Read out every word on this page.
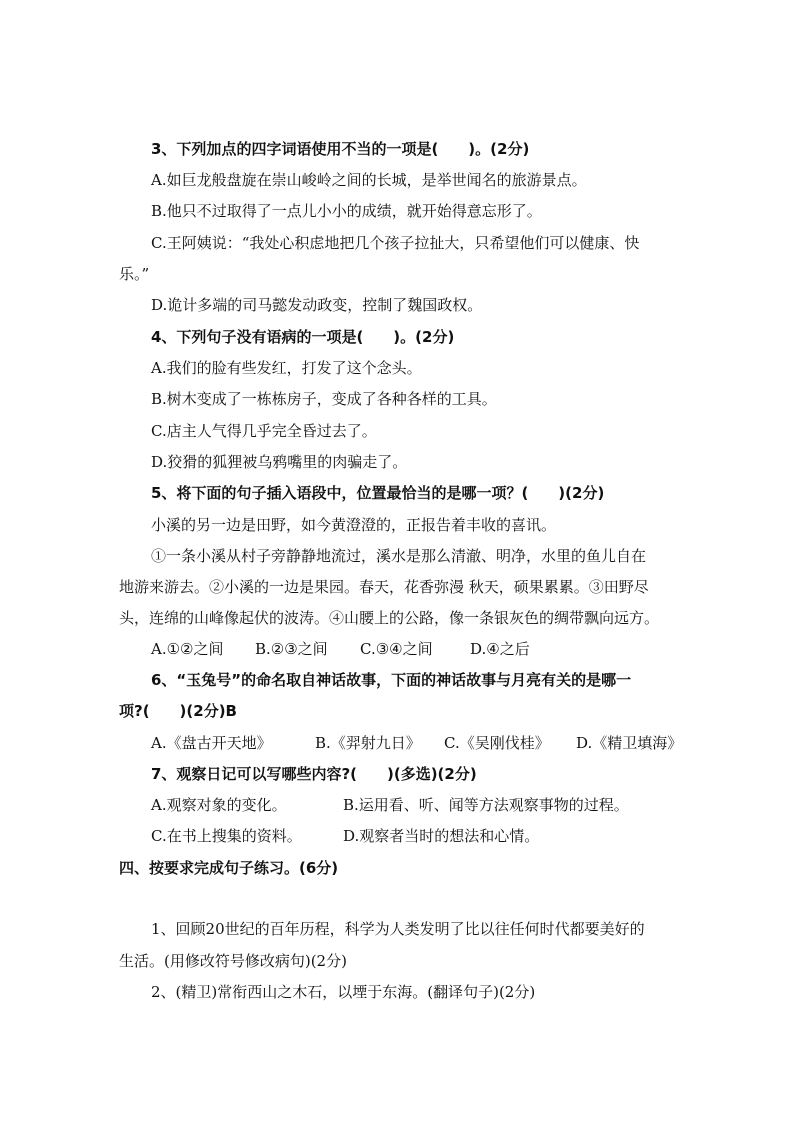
3、下列加点的四字词语使用不当的一项是(　　)。(2分)
A.如巨龙般盘旋在崇山峻岭之间的长城，是举世闻名的旅游景点。
B.他只不过取得了一点儿小小的成绩，就开始得意忘形了。
C.王阿姨说：“我处心积虑地把几个孩子拉扯大，只希望他们可以健康、快
乐。”
D.诡计多端的司马懿发动政变，控制了魏国政权。
4、下列句子没有语病的一项是(　　)。(2分)
A.我们的脸有些发红，打发了这个念头。
B.树木变成了一栋栋房子，变成了各种各样的工具。
C.店主人气得几乎完全昏过去了。
D.狡猾的狐狸被乌鸦嘴里的肉骗走了。
5、将下面的句子插入语段中，位置最恰当的是哪一项？(　　)(2分)
小溪的另一边是田野，如今黄澄澄的，正报告着丰收的喜讯。
①一条小溪从村子旁静静地流过，溪水是那么清澈、明净，水里的鱼儿自在
地游来游去。②小溪的一边是果园。春天，花香弥漫 秋天，硕果累累。③田野尽
头，连绵的山峰像起伏的波涛。④山腰上的公路，像一条银灰色的绸带飘向远方。
A.①②之间 B.②③之间 C.③④之间 D.④之后
6、“玉兔号”的命名取自神话故事，下面的神话故事与月亮有关的是哪一
项?(　　)(2分)B
A.《盘古开天地》	B.《羿射九日》 C.《吴刚伐桂》 D.《精卫填海》
7、观察日记可以写哪些内容?(　　)(多选)(2分)
A.观察对象的变化。	B.运用看、听、闻等方法观察事物的过程。
C.在书上搜集的资料。	D.观察者当时的想法和心情。
四、按要求完成句子练习。(6分)
1、回顾20世纪的百年历程，科学为人类发明了比以往任何时代都要美好的
生活。(用修改符号修改病句)(2分)
2、(精卫)常衔西山之木石，以堙于东海。(翻译句子)(2分)
